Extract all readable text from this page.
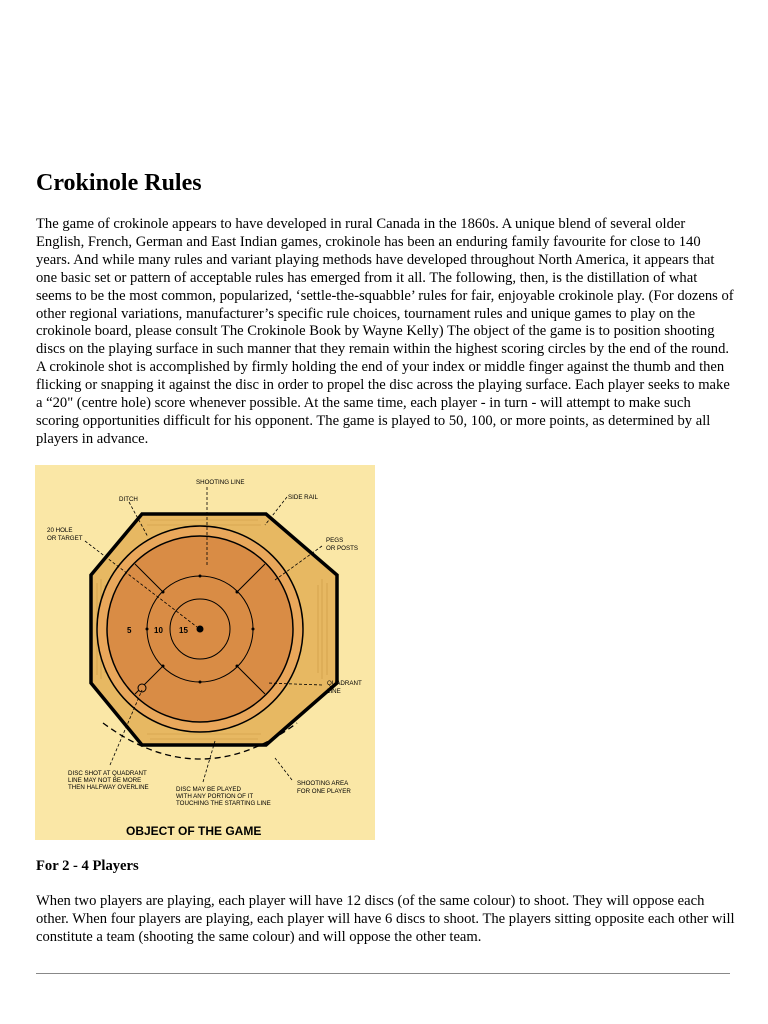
Crokinole Rules

The game of crokinole appears to have developed in rural Canada in the 1860s. A unique blend of several older English, French, German and East Indian games, crokinole has been an enduring family favourite for close to 140 years. And while many rules and variant playing methods have developed throughout North America, it appears that one basic set or pattern of acceptable rules has emerged from it all. The following, then, is the distillation of what seems to be the most common, popularized, ‘settle-the-squabble’ rules for fair, enjoyable crokinole play. (For dozens of other regional variations, manufacturer’s specific rule choices, tournament rules and unique games to play on the crokinole board, please consult The Crokinole Book by Wayne Kelly) The object of the game is to position shooting discs on the playing surface in such manner that they remain within the highest scoring circles by the end of the round. A crokinole shot is accomplished by firmly holding the end of your index or middle finger against the thumb and then flicking or snapping it against the disc in order to propel the disc across the playing surface. Each player seeks to make a “20" (centre hole) score whenever possible. At the same time, each player - in turn - will attempt to make such scoring opportunities difficult for his opponent. The game is played to 50, 100, or more points, as determined by all players in advance.

5	10 15
SHOOTING LINE
DITCH	SIDE RAIL
20 HOLE
OR TARGET	PEGS
OR POSTS
QUADRANT
LINE
DISC SHOT AT QUADRANT
LINE MAY NOT BE MORE
THEN HALFWAY OVERLINE	DISC MAY BE PLAYED
WITH ANY PORTION OF IT
TOUCHING THE STARTING LINE
SHOOTING AREA
FOR ONE PLAYER
OBJECT OF THE GAME
For 2 - 4 Players

When two players are playing, each player will have 12 discs (of the same colour) to shoot. They will oppose each other. When four players are playing, each player will have 6 discs to shoot. The players sitting opposite each other will constitute a team (shooting the same colour) and will oppose the other team.
